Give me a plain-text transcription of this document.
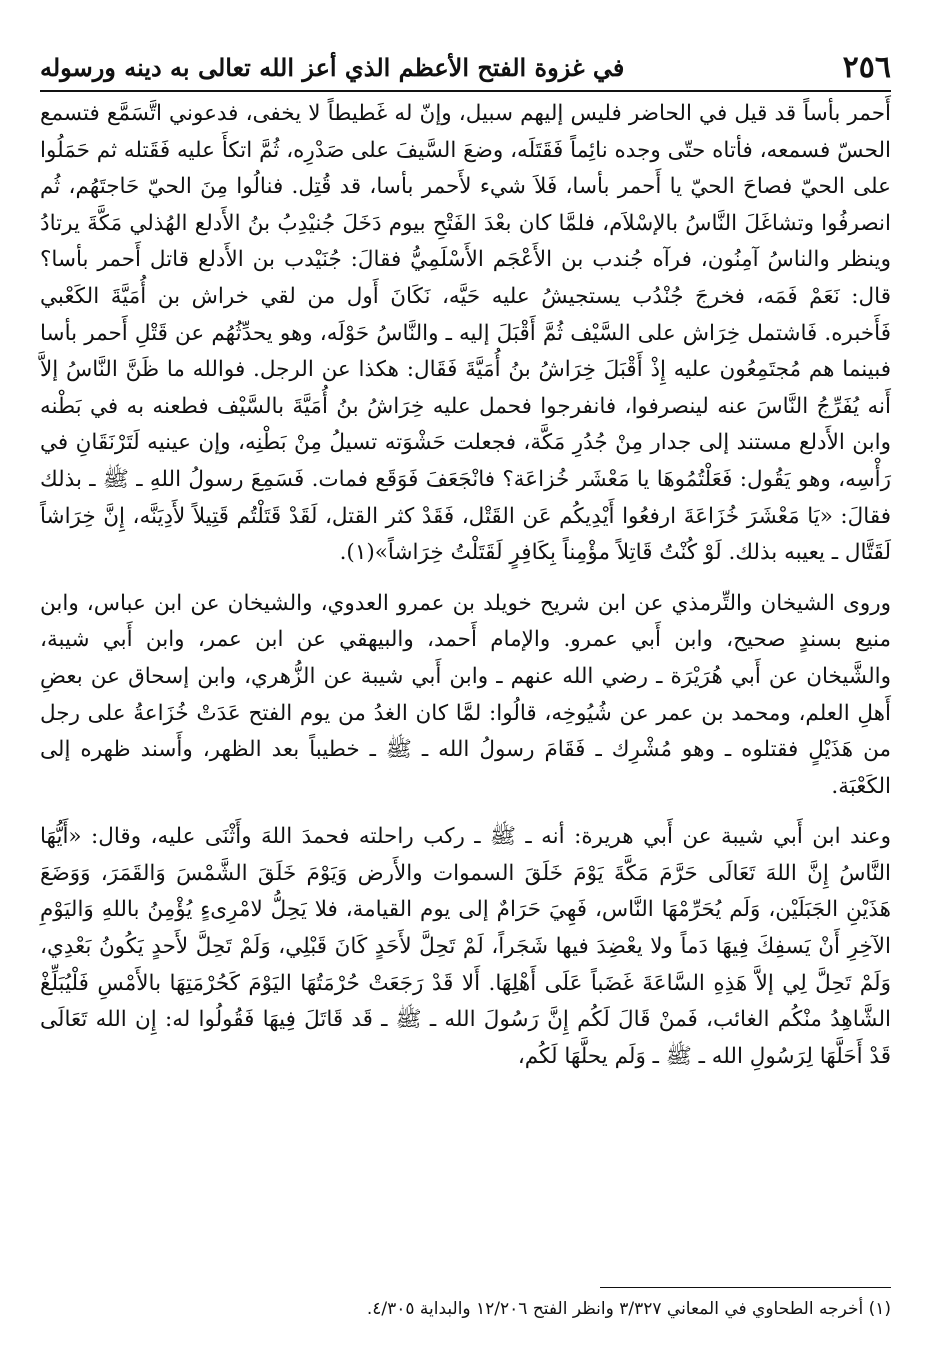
٢٥٦
في غزوة الفتح الأعظم الذي أعز الله تعالى به دينه ورسوله

أَحمر بأساً قد قيل في الحاضر فليس إليهم سبيل، وإنّ له غَطيطاً لا يخفى، فدعوني اتَّسَمَّع فتسمع الحسّ فسمعه، فأتاه حتّى وجده نائِماً فَقَتَلَه، وضعَ السَّيفَ على صَدْرِه، ثُمَّ اتكأَ عليه فَقَتله ثم حَمَلُوا على الحيّ فصاحَ الحيّ يا أَحمر بأسا، فَلاَ شيء لأَحمر بأسا، قد قُتِل. فنالُوا مِنَ الحيّ حَاجتَهُم، ثُم انصرفُوا وتشاغَلَ النَّاسُ بالإسْلاَم، فلمَّا كان بعْدَ الفَتْحِ بيوم دَخَلَ جُنيْدِبُ بنُ الأَدلع الهُذلي مَكَّةَ يرتادُ وينظر والناسُ آمِنُون، فرآه جُندب بن الأَعْجَم الأَسْلَمِيُّ فقالَ: جُنَيْدب بن الأَدلع قاتل أَحمر بأسا؟ قال: نَعَمْ فَمَه، فخرجَ جُنْدُب يستجيشُ عليه حَيَّه، نَكَانَ أَول من لقي خراش بن أُمَيَّةَ الكَعْبي فَأَخبره. فَاشتمل خِرَاش على السَّيْف ثُمَّ أَقْبَلَ إليه ـ والنَّاسُ حَوْلَه، وهو يحدِّثُهُم عن قَتْلِ أَحمر بأسا فبينما هم مُجتَمِعُون عليه إِذْ أَقْبَلَ خِرَاشُ بنُ أُمَيَّةَ فَقَال: هكذا عن الرجل. فوالله ما ظَنَّ النَّاسُ إلاَّ أَنه يُفَرِّجُ النَّاسَ عنه لينصرفوا، فانفرجوا فحمل عليه خِرَاشُ بنُ أُمَيَّةَ بالسَّيْف فطعنه به في بَطْنه وابن الأَدلع مستند إلى جدار مِنْ جُدُرِ مَكَّة، فجعلت حَشْوَته تسيلُ مِنْ بَطْنِه، وإن عينيه لَتَرْنَقَانِ في رَأْسِه، وهو يَقُول: فَعَلْتُمُوهَا يا مَعْشَر خُزاعَة؟ فانْجَعَفَ فَوَقَع فمات. فَسَمِعَ رسولُ اللهِ ـ ﷺ ـ بذلك فقالَ: «يَا مَعْشَرَ خُزَاعَةَ ارفعُوا أَيْدِيكُم عَن القَتْل، فَقَدْ كثر القتل، لَقَدْ قَتَلْتُم قَتِيلاً لأَدِيَنَّه، إِنَّ خِرَاشاً لَقَتَّال ـ يعيبه بذلك. لَوْ كُنْتُ قَاتِلاً مؤْمِناً بِكَافِرٍ لَقَتَلْتُ خِرَاشاً»(١).

وروى الشيخان والتِّرمذي عن ابن شريح خويلد بن عمرو العدوي، والشيخان عن ابن عباس، وابن منيع بسندٍ صحيح، وابن أَبي عمرو. والإمام أَحمد، والبيهقي عن ابن عمر، وابن أَبي شيبة، والشَّيخان عن أَبي هُرَيْرَة ـ رضي الله عنهم ـ وابن أَبي شيبة عن الزُّهري، وابن إسحاق عن بعضِ أَهلِ العلم، ومحمد بن عمر عن شُيُوخِه، قالُوا: لمَّا كان الغدُ من يوم الفتح عَدَتْ خُزَاعةُ على رجل من هَذَيْلٍ فقتلوه ـ وهو مُشْرِك ـ فَقَامَ رسولُ الله ـ ﷺ ـ خطيباً بعد الظهر، وأَسند ظهره إلى الكَعْبَة.

وعند ابن أَبي شيبة عن أَبي هريرة: أنه ـ ﷺ ـ ركب راحلته فحمدَ اللهَ وأَثْنَى عليه، وقال: «أَيُّهَا النَّاسُ إِنَّ اللهَ تَعَالَى حَرَّمَ مَكَّةَ يَوْمَ خَلَقَ السموات والأَرض وَيَوْمَ خَلَقَ الشَّمْسَ وَالقَمَرَ، وَوَضَعَ هَذَيْنِ الجَبَلَيْن، وَلَم يُحَرِّمْهَا النَّاس، فَهِيَ حَرَامٌ إلى يوم القيامة، فلا يَحِلُّ لامْرِىءٍ يُؤْمِنُ باللهِ وَاليَوْمِ الآخِرِ أَنْ يَسفِكَ فِيهَا دَماً ولا يعْضِدَ فيها شَجَراً، لَمْ تَحِلَّ لأَحَدٍ كَانَ قَبْلِي، وَلَمْ تَحِلَّ لأَحدٍ يَكُونُ بَعْدِي، وَلَمْ تَحِلَّ لِي إلاَّ هَذِهِ السَّاعَةَ غَضَباً عَلَى أَهْلِهَا. أَلا قَدْ رَجَعَتْ حُرْمَتُهَا اليَوْمَ كَحُرْمَتِهَا بالأَمْسِ فَلْيُبَلِّغْ الشَّاهِدُ منْكُم الغائب، فَمنْ قَالَ لَكُم إِنَّ رَسُولَ الله ـ ﷺ ـ قَد قَاتَلَ فِيهَا فَقُولُوا له: إِن الله تَعَالَى قَدْ أَحَلَّهَا لِرَسُولِ الله ـ ﷺ ـ وَلَم يحلَّهَا لَكُم،

(١) أخرجه الطحاوي في المعاني ٣/٣٢٧ وانظر الفتح ١٢/٢٠٦ والبداية ٤/٣٠٥.
